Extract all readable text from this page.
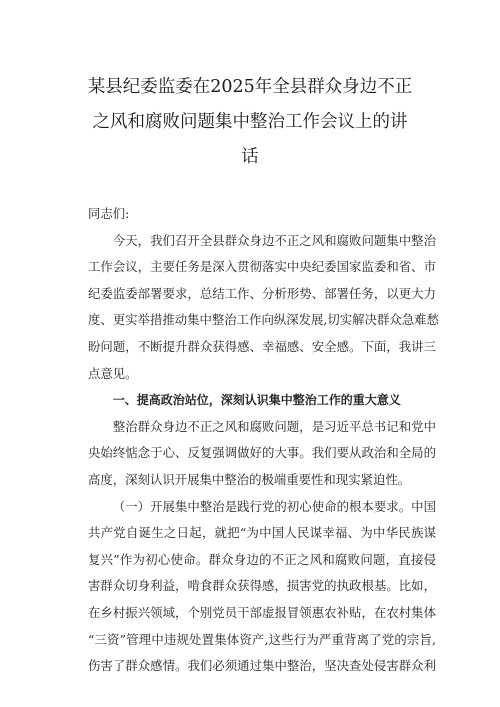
某县纪委监委在2025年全县群众身边不正
之风和腐败问题集中整治工作会议上的讲
话
同志们:
今天，我们召开全县群众身边不正之风和腐败问题集中整治
工作会议，主要任务是深入贯彻落实中央纪委国家监委和省、市
纪委监委部署要求，总结工作、分析形势、部署任务，以更大力
度、更实举措推动集中整治工作向纵深发展,切实解决群众急难愁
盼问题，不断提升群众获得感、幸福感、安全感。下面，我讲三
点意见。
一、提高政治站位，深刻认识集中整治工作的重大意义
整治群众身边不正之风和腐败问题，是习近平总书记和党中
央始终惦念于心、反复强调做好的大事。我们要从政治和全局的
高度，深刻认识开展集中整治的极端重要性和现实紧迫性。
（一）开展集中整治是践行党的初心使命的根本要求。中国
共产党自诞生之日起，就把“为中国人民谋幸福、为中华民族谋
复兴”作为初心使命。群众身边的不正之风和腐败问题，直接侵
害群众切身利益，啃食群众获得感，损害党的执政根基。比如，
在乡村振兴领域，个别党员干部虚报冒领惠农补贴，在农村集体
“三资”管理中违规处置集体资产,这些行为严重背离了党的宗旨,
伤害了群众感情。我们必须通过集中整治，坚决查处侵害群众利
